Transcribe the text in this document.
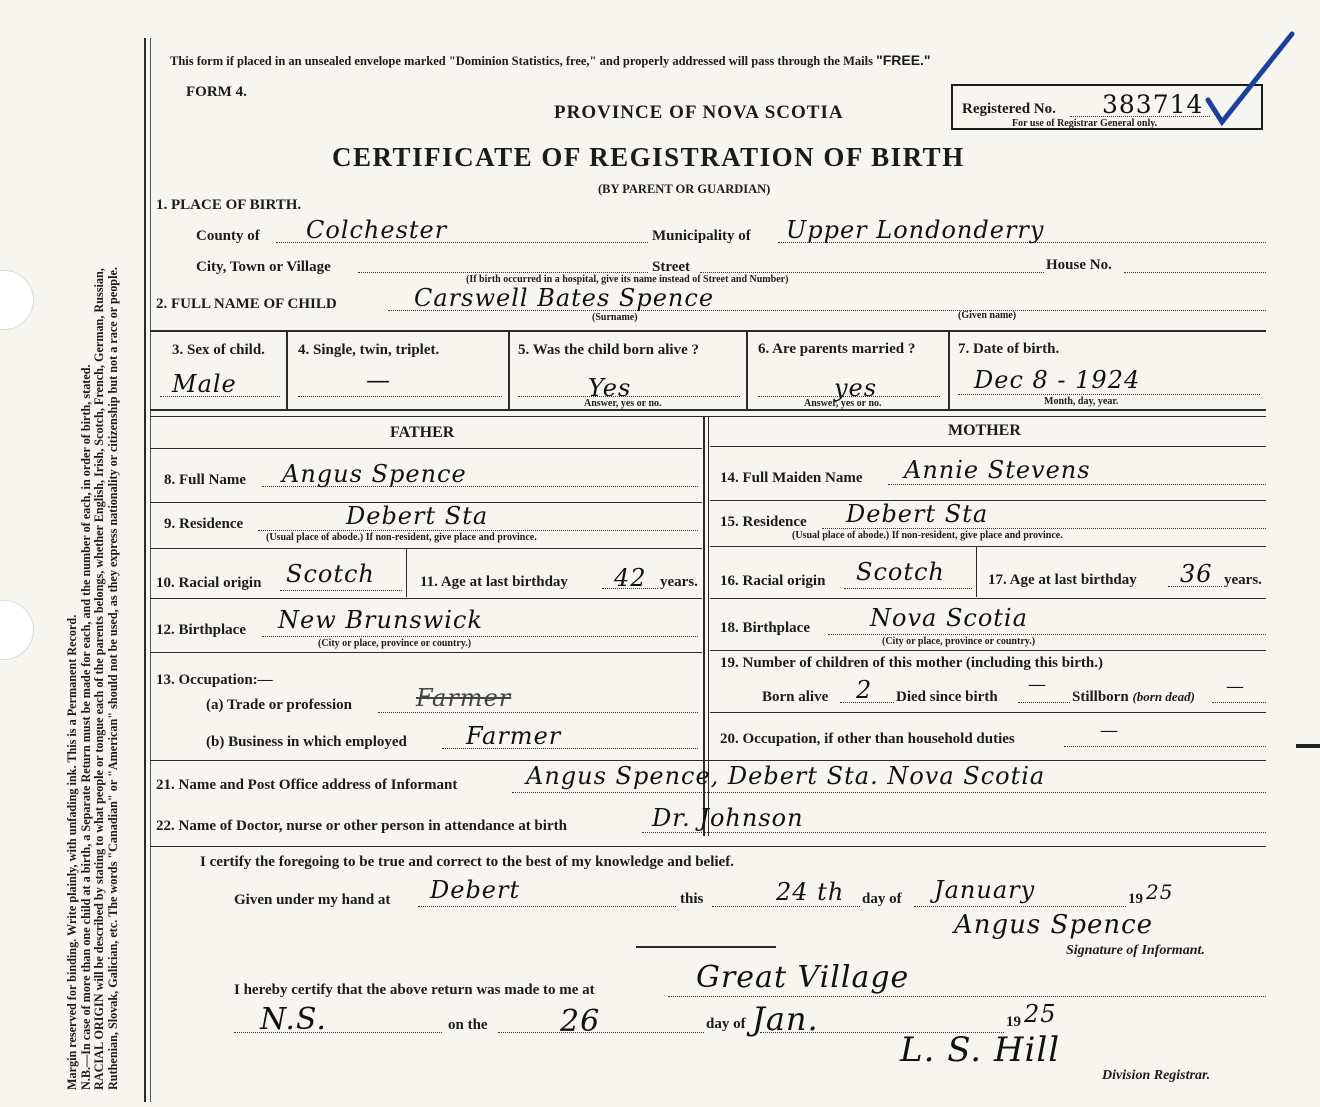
Margin reserved for binding. Write plainly, with unfading ink. This is a Permanent Record. N.B.—In case of more than one child at a birth, a Separate Return must be made for each, and the number of each, in order of birth, stated. RACIAL ORIGIN will be described by stating to what people or tongue each of the parents belongs, whether English, Irish, Scotch, French, German, Russian, Ruthenian, Slovak, Galician, etc. The words "Canadian" or "American" should not be used, as they express nationality or citizenship but not a race or people.
This form if placed in an unsealed envelope marked "Dominion Statistics, free," and properly addressed will pass through the Mails "FREE."
FORM 4.
PROVINCE OF NOVA SCOTIA
CERTIFICATE OF REGISTRATION OF BIRTH
(BY PARENT OR GUARDIAN)
Registered No. 383714
For use of Registrar General only.
1. PLACE OF BIRTH.
County of Colchester	Municipality of Upper Londonderry
City, Town or Village	Street	House No.
(If birth occurred in a hospital, give its name instead of Street and Number)
2. FULL NAME OF CHILD	Carswell Bates Spence
(Surname)	(Given name)
3. Sex of child.
Male
4. Single, twin, triplet.
—
5. Was the child born alive ?
Yes
Answer, yes or no.
6. Are parents married ?
yes
Answer, yes or no.
7. Date of birth.
Dec 8 - 1924
Month, day, year.
FATHER	MOTHER
8. Full Name Angus Spence
9. Residence	Debert Sta
(Usual place of abode.) If non-resident, give place and province.
10. Racial origin Scotch	11. Age at last birthday 42 years.
12. Birthplace New Brunswick
(City or place, province or country.)
13. Occupation:—
(a) Trade or profession	Farmer
(b) Business in which employed Farmer
14. Full Maiden Name Annie Stevens
15. Residence Debert Sta
(Usual place of abode.) If non-resident, give place and province.
16. Racial origin Scotch	17. Age at last birthday 36 years.
18. Birthplace	Nova Scotia
(City or place, province or country.)
19. Number of children of this mother (including this birth.)
Born alive 2 Died since birth
—
Stillborn (born dead) —
20. Occupation, if other than household duties	—
21. Name and Post Office address of Informant	Angus Spence, Debert Sta. Nova Scotia
22. Name of Doctor, nurse or other person in attendance at birth	Dr. Johnson
I certify the foregoing to be true and correct to the best of my knowledge and belief.
Given under my hand at Debert	this	24 th day of January	19 25
Angus Spence
Signature of Informant.
I hereby certify that the above return was made to me at	Great Village
N.S.	on the 26	day of Jan.	19 25
L. S. Hill
Division Registrar.
